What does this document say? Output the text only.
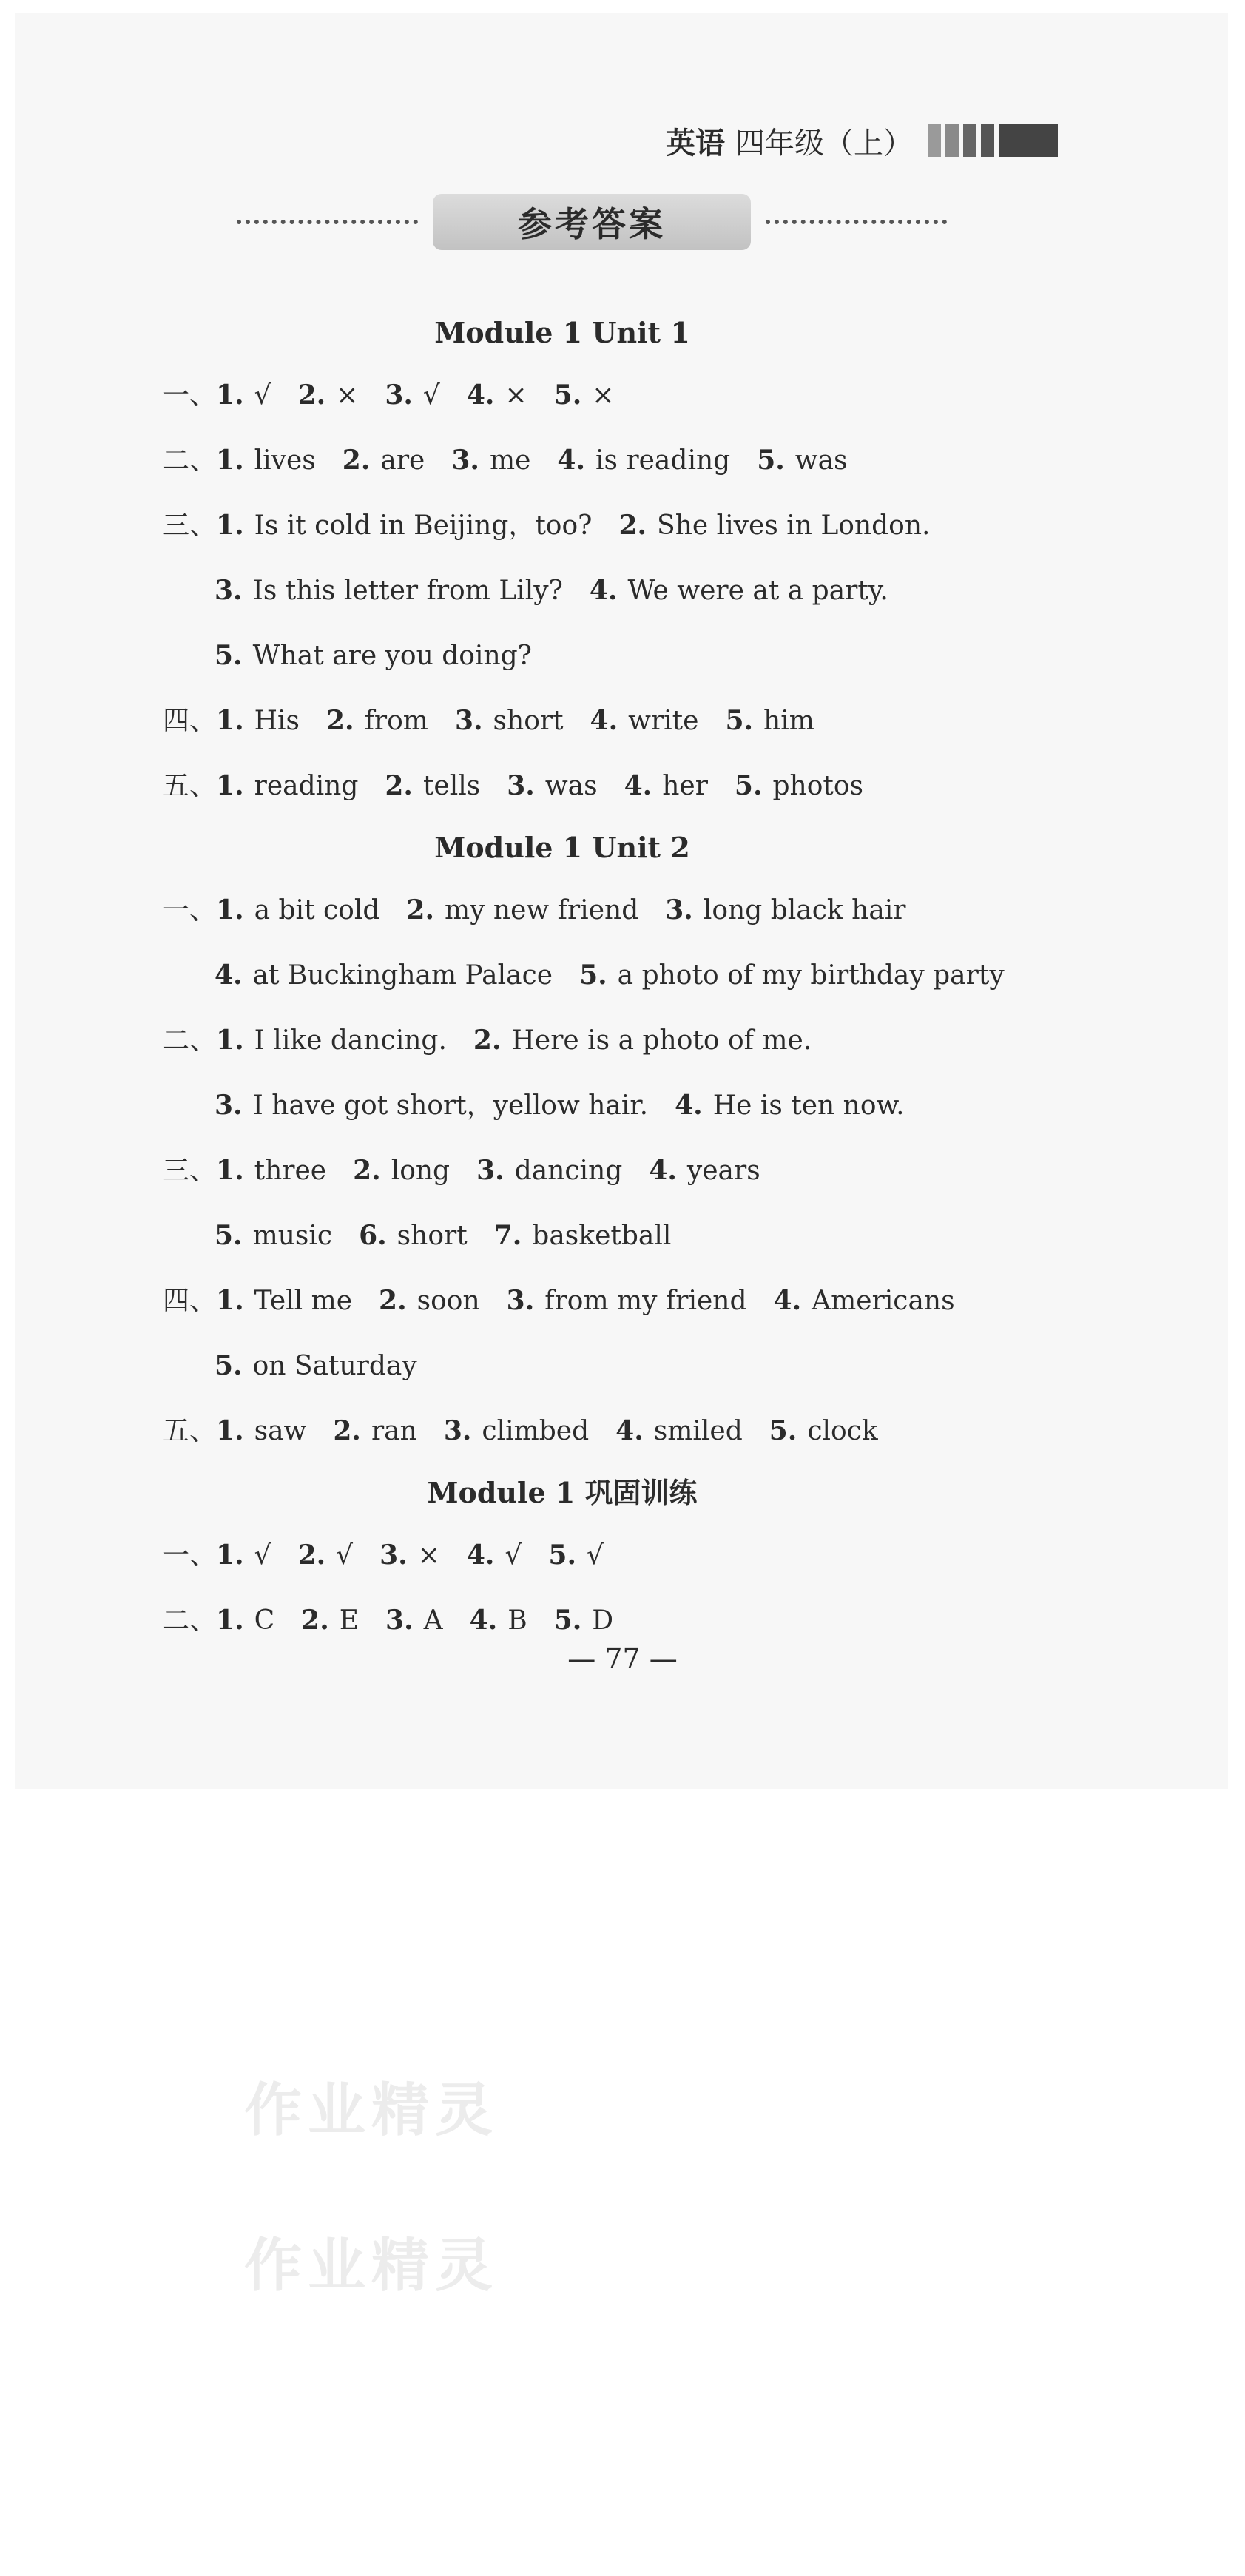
英语 四年级（上）
参考答案
Module 1 Unit 1
一、1. √ 2. × 3. √ 4. × 5. ×
二、1. lives 2. are 3. me 4. is reading 5. was
三、1. Is it cold in Beijing，too? 2. She lives in London.
3. Is this letter from Lily? 4. We were at a party.
5. What are you doing?
四、1. His 2. from 3. short 4. write 5. him
五、1. reading 2. tells 3. was 4. her 5. photos
Module 1 Unit 2
一、1. a bit cold 2. my new friend 3. long black hair
4. at Buckingham Palace 5. a photo of my birthday party
二、1. I like dancing. 2. Here is a photo of me.
3. I have got short，yellow hair. 4. He is ten now.
三、1. three 2. long 3. dancing 4. years
5. music 6. short 7. basketball
四、1. Tell me 2. soon 3. from my friend 4. Americans
5. on Saturday
五、1. saw 2. ran 3. climbed 4. smiled 5. clock
Module 1 巩固训练
一、1. √ 2. √ 3. × 4. √ 5. √
二、1. C 2. E 3. A 4. B 5. D
— 77 —
作业精灵
作业精灵
